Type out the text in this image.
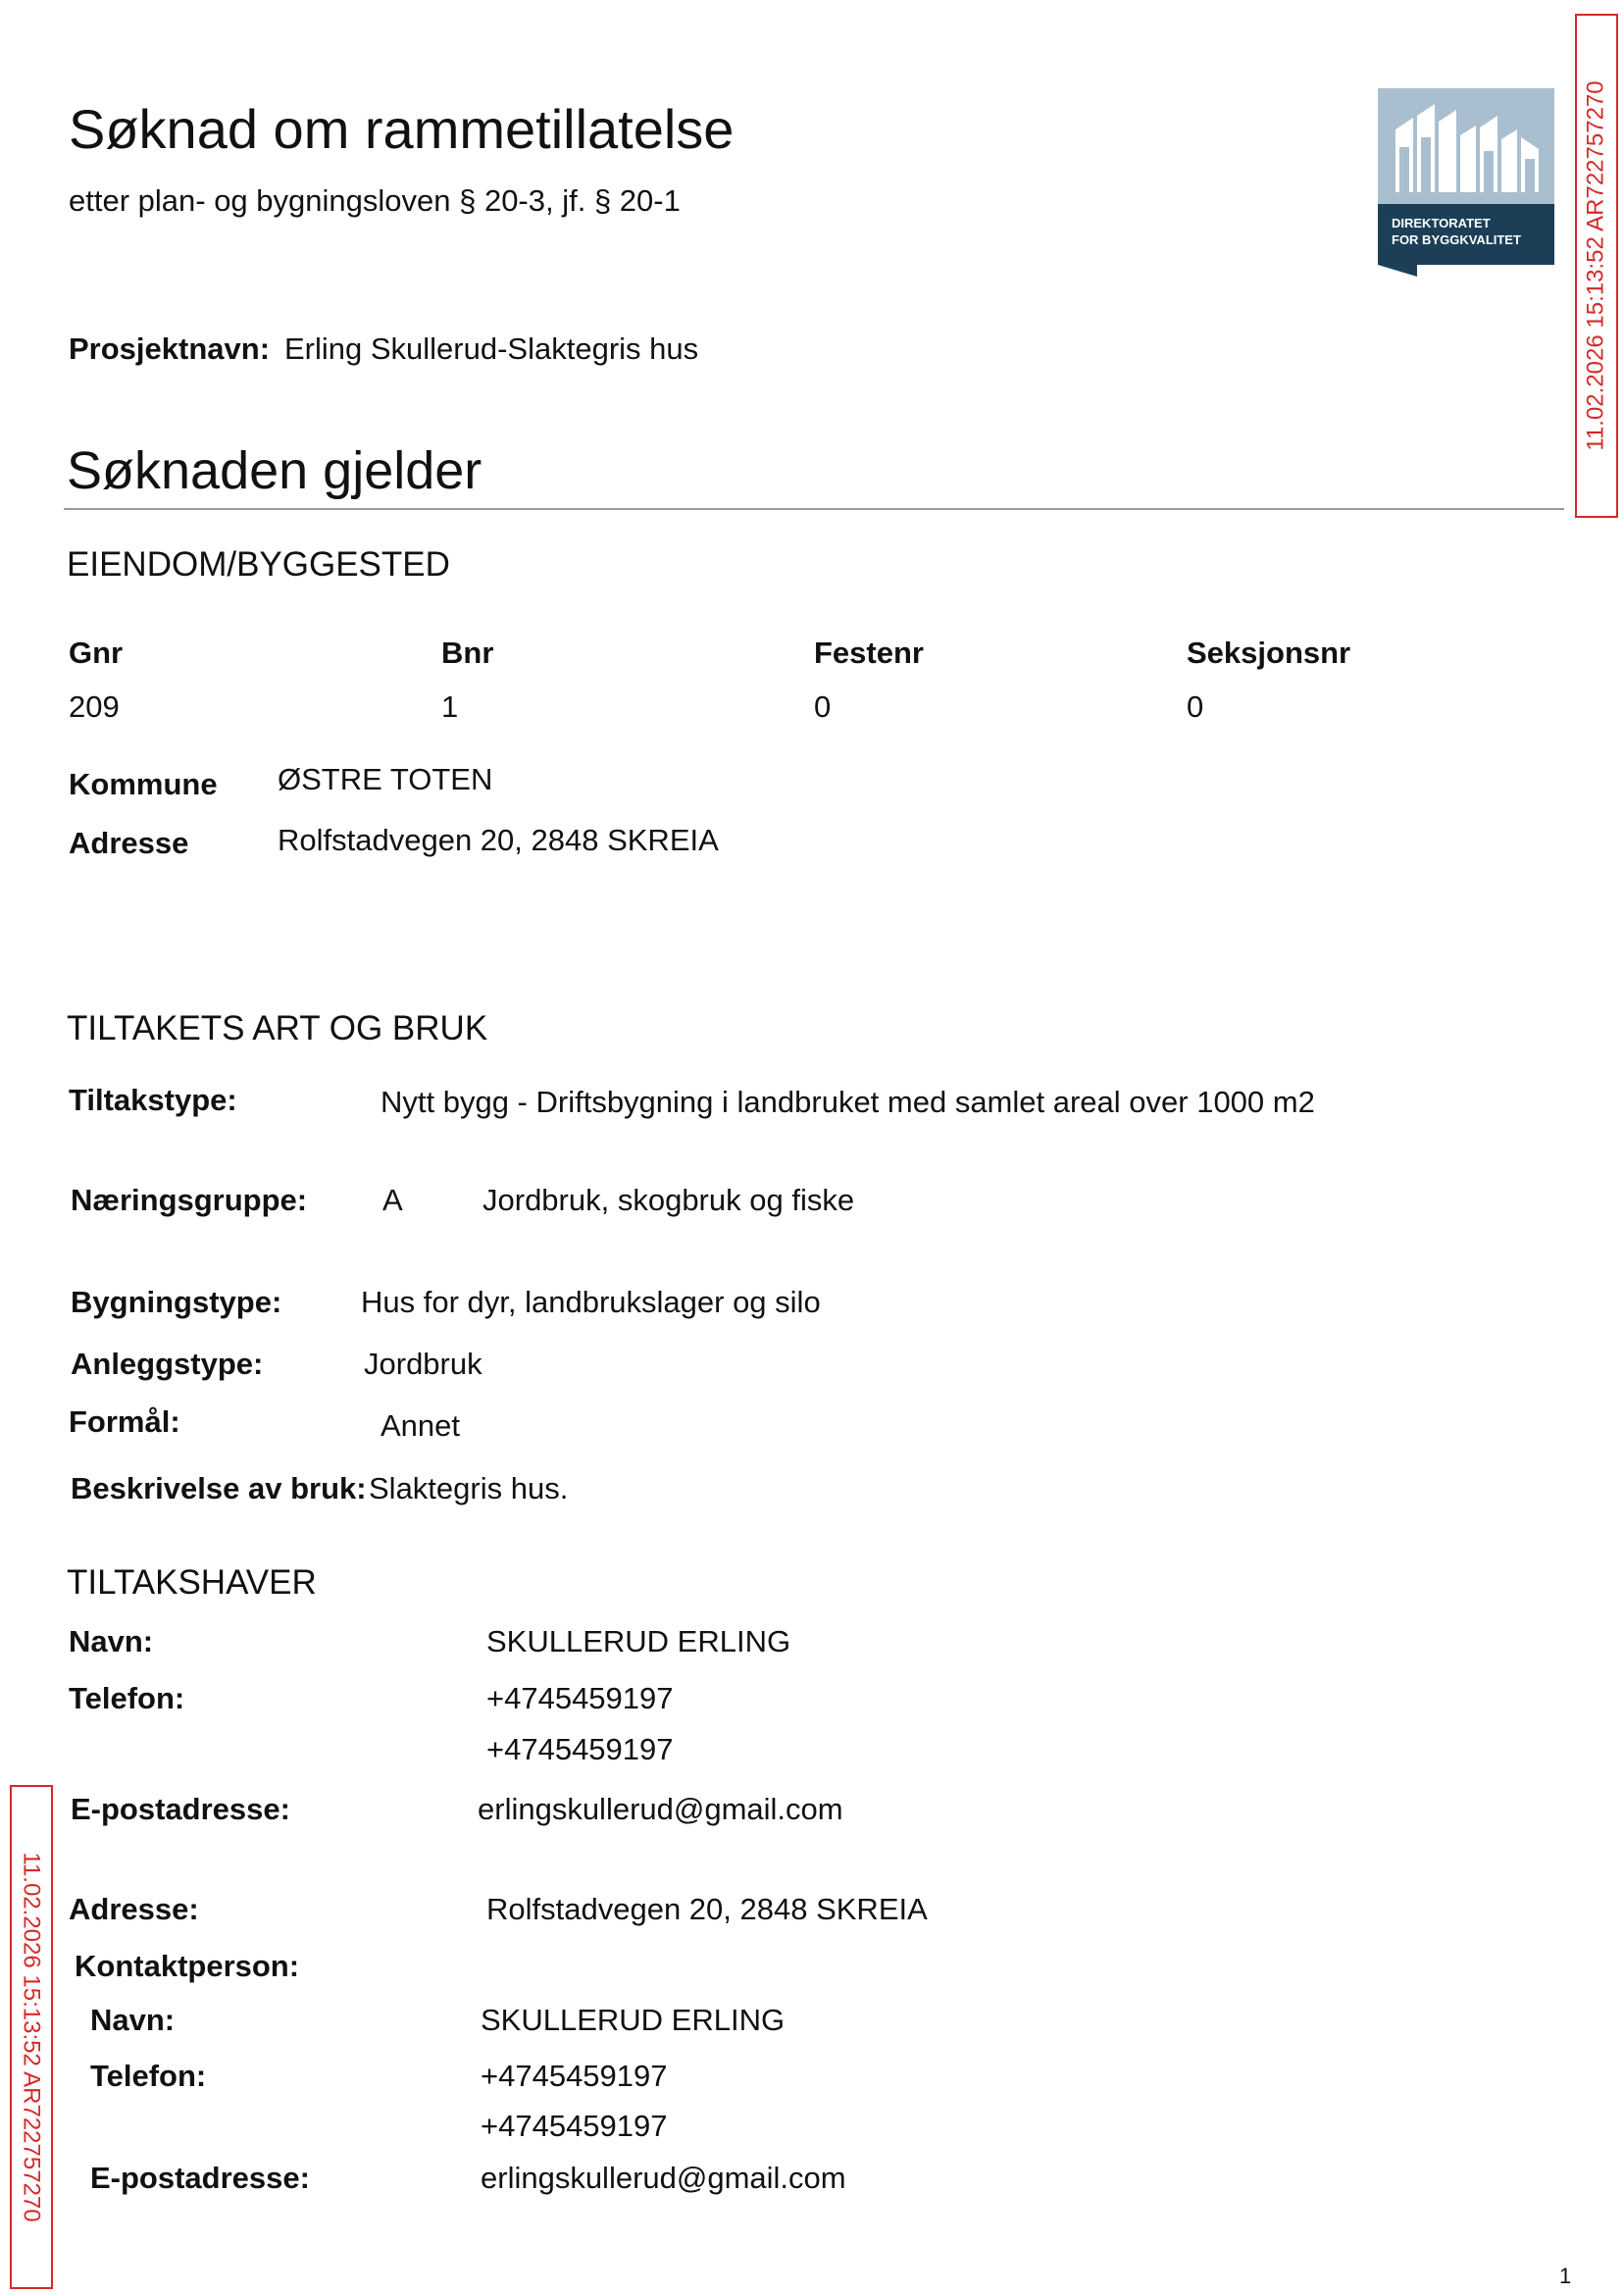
Søknad om rammetillatelse
etter plan- og bygningsloven § 20-3, jf. § 20-1
DIREKTORATET
FOR BYGGKVALITET
Prosjektnavn: Erling Skullerud-Slaktegris hus
Søknaden gjelder
EIENDOM/BYGGESTED
Gnr	Bnr	Festenr	Seksjonsnr
209	1	0	0
Kommune ØSTRE TOTEN
Adresse	Rolfstadvegen 20, 2848 SKREIA
TILTAKETS ART OG BRUK
Tiltakstype:	Nytt bygg - Driftsbygning i landbruket med samlet areal over 1000 m2
Næringsgruppe: A	Jordbruk, skogbruk og fiske
Bygningstype:	Hus for dyr, landbrukslager og silo
Anleggstype:	Jordbruk
Formål:	Annet
Beskrivelse av bruk: Slaktegris hus.
TILTAKSHAVER
Navn:	SKULLERUD ERLING
Telefon:	+4745459197
+4745459197
E-postadresse:	erlingskullerud@gmail.com
Adresse:	Rolfstadvegen 20, 2848 SKREIA
Kontaktperson:
Navn:	SKULLERUD ERLING
Telefon:	+4745459197
+4745459197
E-postadresse:	erlingskullerud@gmail.com
11.02.2026 15:13:52 AR722757270
11.02.2026 15:13:52 AR722757270
1
